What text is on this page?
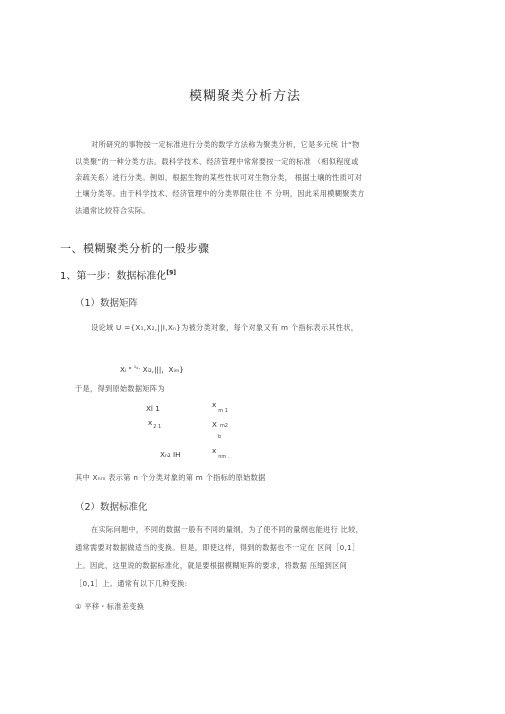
模糊聚类分析方法
对所研究的事物按一定标准进行分类的数学方法称为聚类分析，它是多元统 计“物
以类聚”的一种分类方法。载科学技术、经济管理中常常要按一定的标准 （相似程度或
亲疏关系）进行分类。例如，根据生物的某些性状可对生物分类， 根据土壤的性质可对
土壤分类等。由于科学技术、经济管理中的分类界限往往 不 分明，因此采用模糊聚类方
法通常比较符合实际。
一、模糊聚类分析的一般步骤
1、第一步：数据标准化[9]
（1）数据矩阵
设论域 U ={X₁,X₂,||I,Xₙ}为被分类对象，每个对象又有 m 个指标表示其性状，
Xᵢ " $^{ᵡᵢ_1,}$ Xᵢ₂,|||，Xᵢₘ}
于是，得到原始数据矩阵为
Xl 1	$x_{m 1}$
$x_{2 1}$	X m2
b
Xₙ₂ IH	$x_{nm .}$
其中 Xₙₘ 表示第 n 个分类对象的第 m 个指标的原始数据
（2）数据标准化
在实际问题中，不同的数据一般有不同的量纲，为了使不同的量纲也能进行 比较，
通常需要对数据做适当的变换。但是，即使这样，得到的数据也不一定在 区间［0,1］
上。因此，这里说的数据标准化，就是要根据模糊矩阵的要求，将数据 压缩到区间
［0,1］上。通常有以下几种变换:
① 平移・标准差变换
